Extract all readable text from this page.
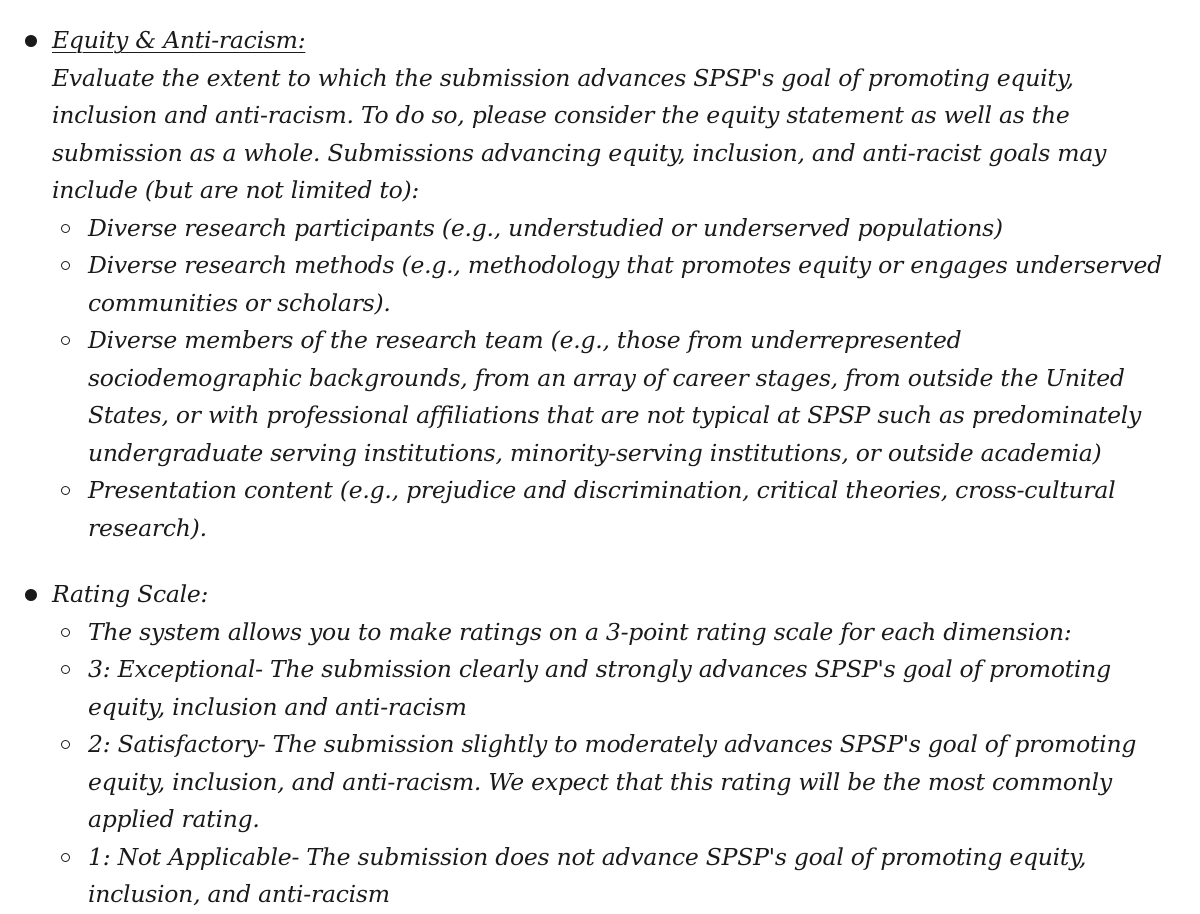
Equity & Anti-racism:
Evaluate the extent to which the submission advances SPSP's goal of promoting equity, inclusion and anti-racism. To do so, please consider the equity statement as well as the submission as a whole. Submissions advancing equity, inclusion, and anti-racist goals may include (but are not limited to):
Diverse research participants (e.g., understudied or underserved populations)
Diverse research methods (e.g., methodology that promotes equity or engages underserved communities or scholars).
Diverse members of the research team (e.g., those from underrepresented sociodemographic backgrounds, from an array of career stages, from outside the United States, or with professional affiliations that are not typical at SPSP such as predominately undergraduate serving institutions, minority-serving institutions, or outside academia)
Presentation content (e.g., prejudice and discrimination, critical theories, cross-cultural research).
Rating Scale:
The system allows you to make ratings on a 3-point rating scale for each dimension:
3: Exceptional- The submission clearly and strongly advances SPSP's goal of promoting equity, inclusion and anti-racism
2: Satisfactory- The submission slightly to moderately advances SPSP's goal of promoting equity, inclusion, and anti-racism. We expect that this rating will be the most commonly applied rating.
1: Not Applicable- The submission does not advance SPSP's goal of promoting equity, inclusion, and anti-racism
